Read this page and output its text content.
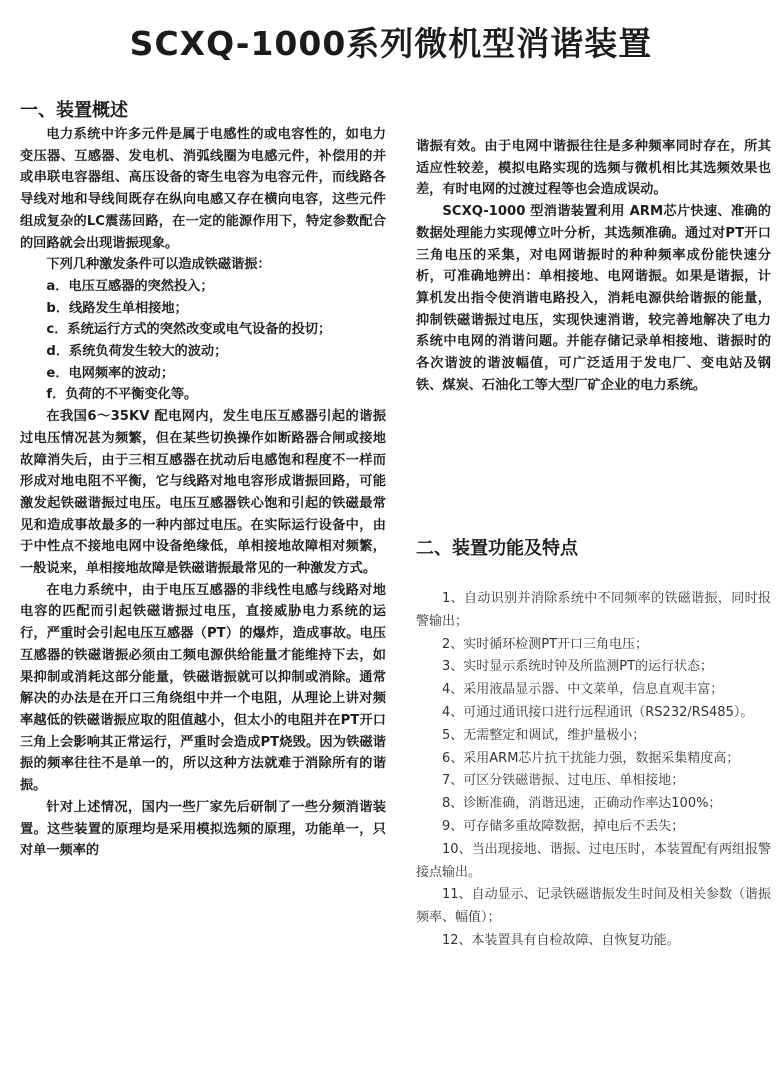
SCXQ-1000系列微机型消谐装置
一、装置概述

电力系统中许多元件是属于电感性的或电容性的，如电力变压器、互感器、发电机、消弧线圈为电感元件，补偿用的并或串联电容器组、高压设备的寄生电容为电容元件，而线路各导线对地和导线间既存在纵向电感又存在横向电容，这些元件组成复杂的LC震荡回路，在一定的能源作用下，特定参数配合的回路就会出现谐振现象。

下列几种激发条件可以造成铁磁谐振：

a．电压互感器的突然投入；

b．线路发生单相接地；

c．系统运行方式的突然改变或电气设备的投切；

d．系统负荷发生较大的波动；

e．电网频率的波动；

f．负荷的不平衡变化等。

在我国6～35KV 配电网内，发生电压互感器引起的谐振过电压情况甚为频繁，但在某些切换操作如断路器合闸或接地故障消失后，由于三相互感器在扰动后电感饱和程度不一样而形成对地电阻不平衡，它与线路对地电容形成谐振回路，可能激发起铁磁谐振过电压。电压互感器铁心饱和引起的铁磁最常见和造成事故最多的一种内部过电压。在实际运行设备中，由于中性点不接地电网中设备绝缘低，单相接地故障相对频繁，一般说来，单相接地故障是铁磁谐振最常见的一种激发方式。

在电力系统中，由于电压互感器的非线性电感与线路对地电容的匹配而引起铁磁谐振过电压，直接威胁电力系统的运行，严重时会引起电压互感器（PT）的爆炸，造成事故。电压互感器的铁磁谐振必须由工频电源供给能量才能维持下去，如果抑制或消耗这部分能量，铁磁谐振就可以抑制或消除。通常解决的办法是在开口三角绕组中并一个电阻，从理论上讲对频率越低的铁磁谐振应取的阻值越小，但太小的电阻并在PT开口三角上会影响其正常运行，严重时会造成PT烧毁。因为铁磁谐振的频率往往不是单一的，所以这种方法就难于消除所有的谐振。

针对上述情况，国内一些厂家先后研制了一些分频消谐装置。这些装置的原理均是采用模拟选频的原理，功能单一，只对单一频率的

谐振有效。由于电网中谐振往往是多种频率同时存在，所其适应性较差，模拟电路实现的选频与微机相比其选频效果也差，有时电网的过渡过程等也会造成误动。

SCXQ-1000 型消谐装置利用 ARM芯片快速、准确的数据处理能力实现傅立叶分析，其选频准确。通过对PT开口三角电压的采集，对电网谐振时的种种频率成份能快速分析，可准确地辨出：单相接地、电网谐振。如果是谐振，计算机发出指令使消谐电路投入，消耗电源供给谐振的能量，抑制铁磁谐振过电压，实现快速消谐，较完善地解决了电力系统中电网的消谐问题。并能存储记录单相接地、谐振时的各次谐波的谐波幅值，可广泛适用于发电厂、变电站及钢铁、煤炭、石油化工等大型厂矿企业的电力系统。

二、装置功能及特点

1、自动识别并消除系统中不同频率的铁磁谐振，同时报警输出；

2、实时循环检测PT开口三角电压；

3、实时显示系统时钟及所监测PT的运行状态；

4、采用液晶显示器、中文菜单，信息直观丰富；

4、可通过通讯接口进行远程通讯（RS232/RS485）。

5、无需整定和调试，维护量极小；

6、采用ARM芯片抗干扰能力强，数据采集精度高；

7、可区分铁磁谐振、过电压、单相接地；

8、诊断准确，消谐迅速，正确动作率达100%；

9、可存储多重故障数据，掉电后不丢失；

10、当出现接地、谐振、过电压时，本装置配有两组报警接点输出。

11、自动显示、记录铁磁谐振发生时间及相关参数（谐振频率、幅值）；

12、本装置具有自检故障、自恢复功能。
